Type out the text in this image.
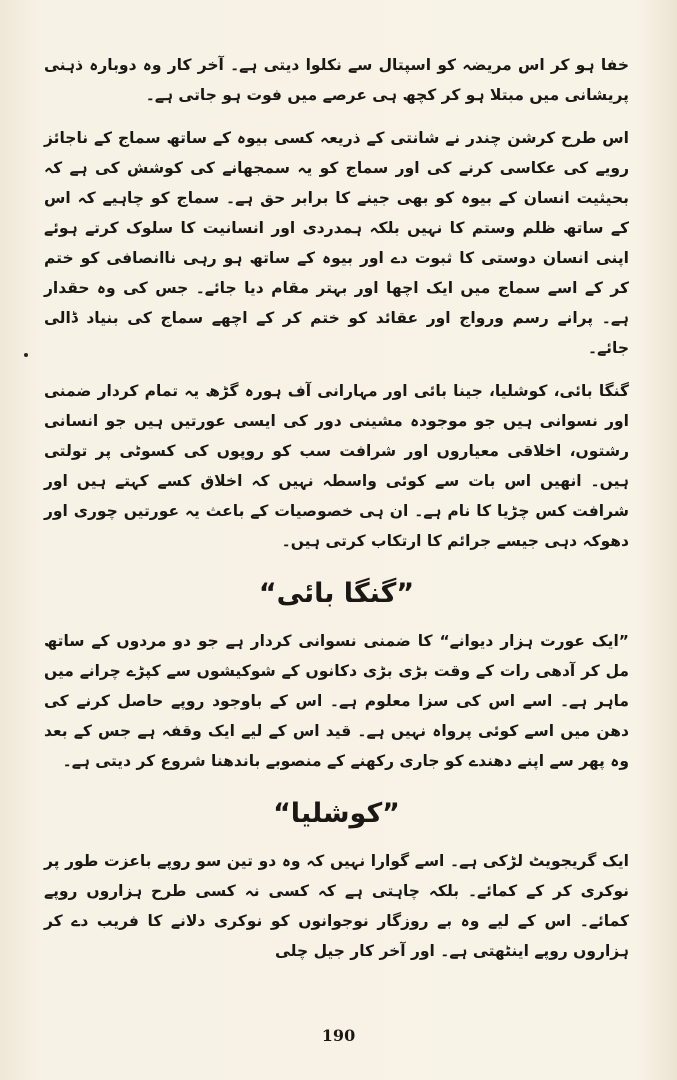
خفا ہو کر اس مریضہ کو اسپتال سے نکلوا دیتی ہے۔ آخر کار وہ دوبارہ ذہنی پریشانی میں مبتلا ہو کر کچھ ہی عرصے میں فوت ہو جاتی ہے۔

اس طرح کرشن چندر نے شانتی کے ذریعہ کسی بیوہ کے ساتھ سماج کے ناجائز رویے کی عکاسی کرنے کی اور سماج کو یہ سمجھانے کی کوشش کی ہے کہ بحیثیت انسان کے بیوہ کو بھی جینے کا برابر حق ہے۔ سماج کو چاہیے کہ اس کے ساتھ ظلم وستم کا نہیں بلکہ ہمدردی اور انسانیت کا سلوک کرتے ہوئے اپنی انسان دوستی کا ثبوت دے اور بیوہ کے ساتھ ہو رہی ناانصافی کو ختم کر کے اسے سماج میں ایک اچھا اور بہتر مقام دیا جائے۔ جس کی وہ حقدار ہے۔ پرانے رسم ورواج اور عقائد کو ختم کر کے اچھے سماج کی بنیاد ڈالی جائے۔

گنگا بائی، کوشلیا، جینا بائی اور مہارانی آف ہورہ گڑھ یہ تمام کردار ضمنی اور نسوانی ہیں جو موجودہ مشینی دور کی ایسی عورتیں ہیں جو انسانی رشتوں، اخلاقی معیاروں اور شرافت سب کو روپوں کی کسوٹی پر تولتی ہیں۔ انھیں اس بات سے کوئی واسطہ نہیں کہ اخلاق کسے کہتے ہیں اور شرافت کس چڑیا کا نام ہے۔ ان ہی خصوصیات کے باعث یہ عورتیں چوری اور دھوکہ دہی جیسے جرائم کا ارتکاب کرتی ہیں۔

”گنگا بائی“

”ایک عورت ہزار دیوانے“ کا ضمنی نسوانی کردار ہے جو دو مردوں کے ساتھ مل کر آدھی رات کے وقت بڑی بڑی دکانوں کے شوکیشوں سے کپڑے چرانے میں ماہر ہے۔ اسے اس کی سزا معلوم ہے۔ اس کے باوجود روپے حاصل کرنے کی دھن میں اسے کوئی پرواہ نہیں ہے۔ قید اس کے لیے ایک وقفہ ہے جس کے بعد وہ پھر سے اپنے دھندے کو جاری رکھنے کے منصوبے باندھنا شروع کر دیتی ہے۔

”کوشلیا“

ایک گریجویٹ لڑکی ہے۔ اسے گوارا نہیں کہ وہ دو تین سو روپے باعزت طور پر نوکری کر کے کمائے۔ بلکہ چاہتی ہے کہ کسی نہ کسی طرح ہزاروں روپے کمائے۔ اس کے لیے وہ بے روزگار نوجوانوں کو نوکری دلانے کا فریب دے کر ہزاروں روپے اینٹھتی ہے۔ اور آخر کار جیل چلی

190
